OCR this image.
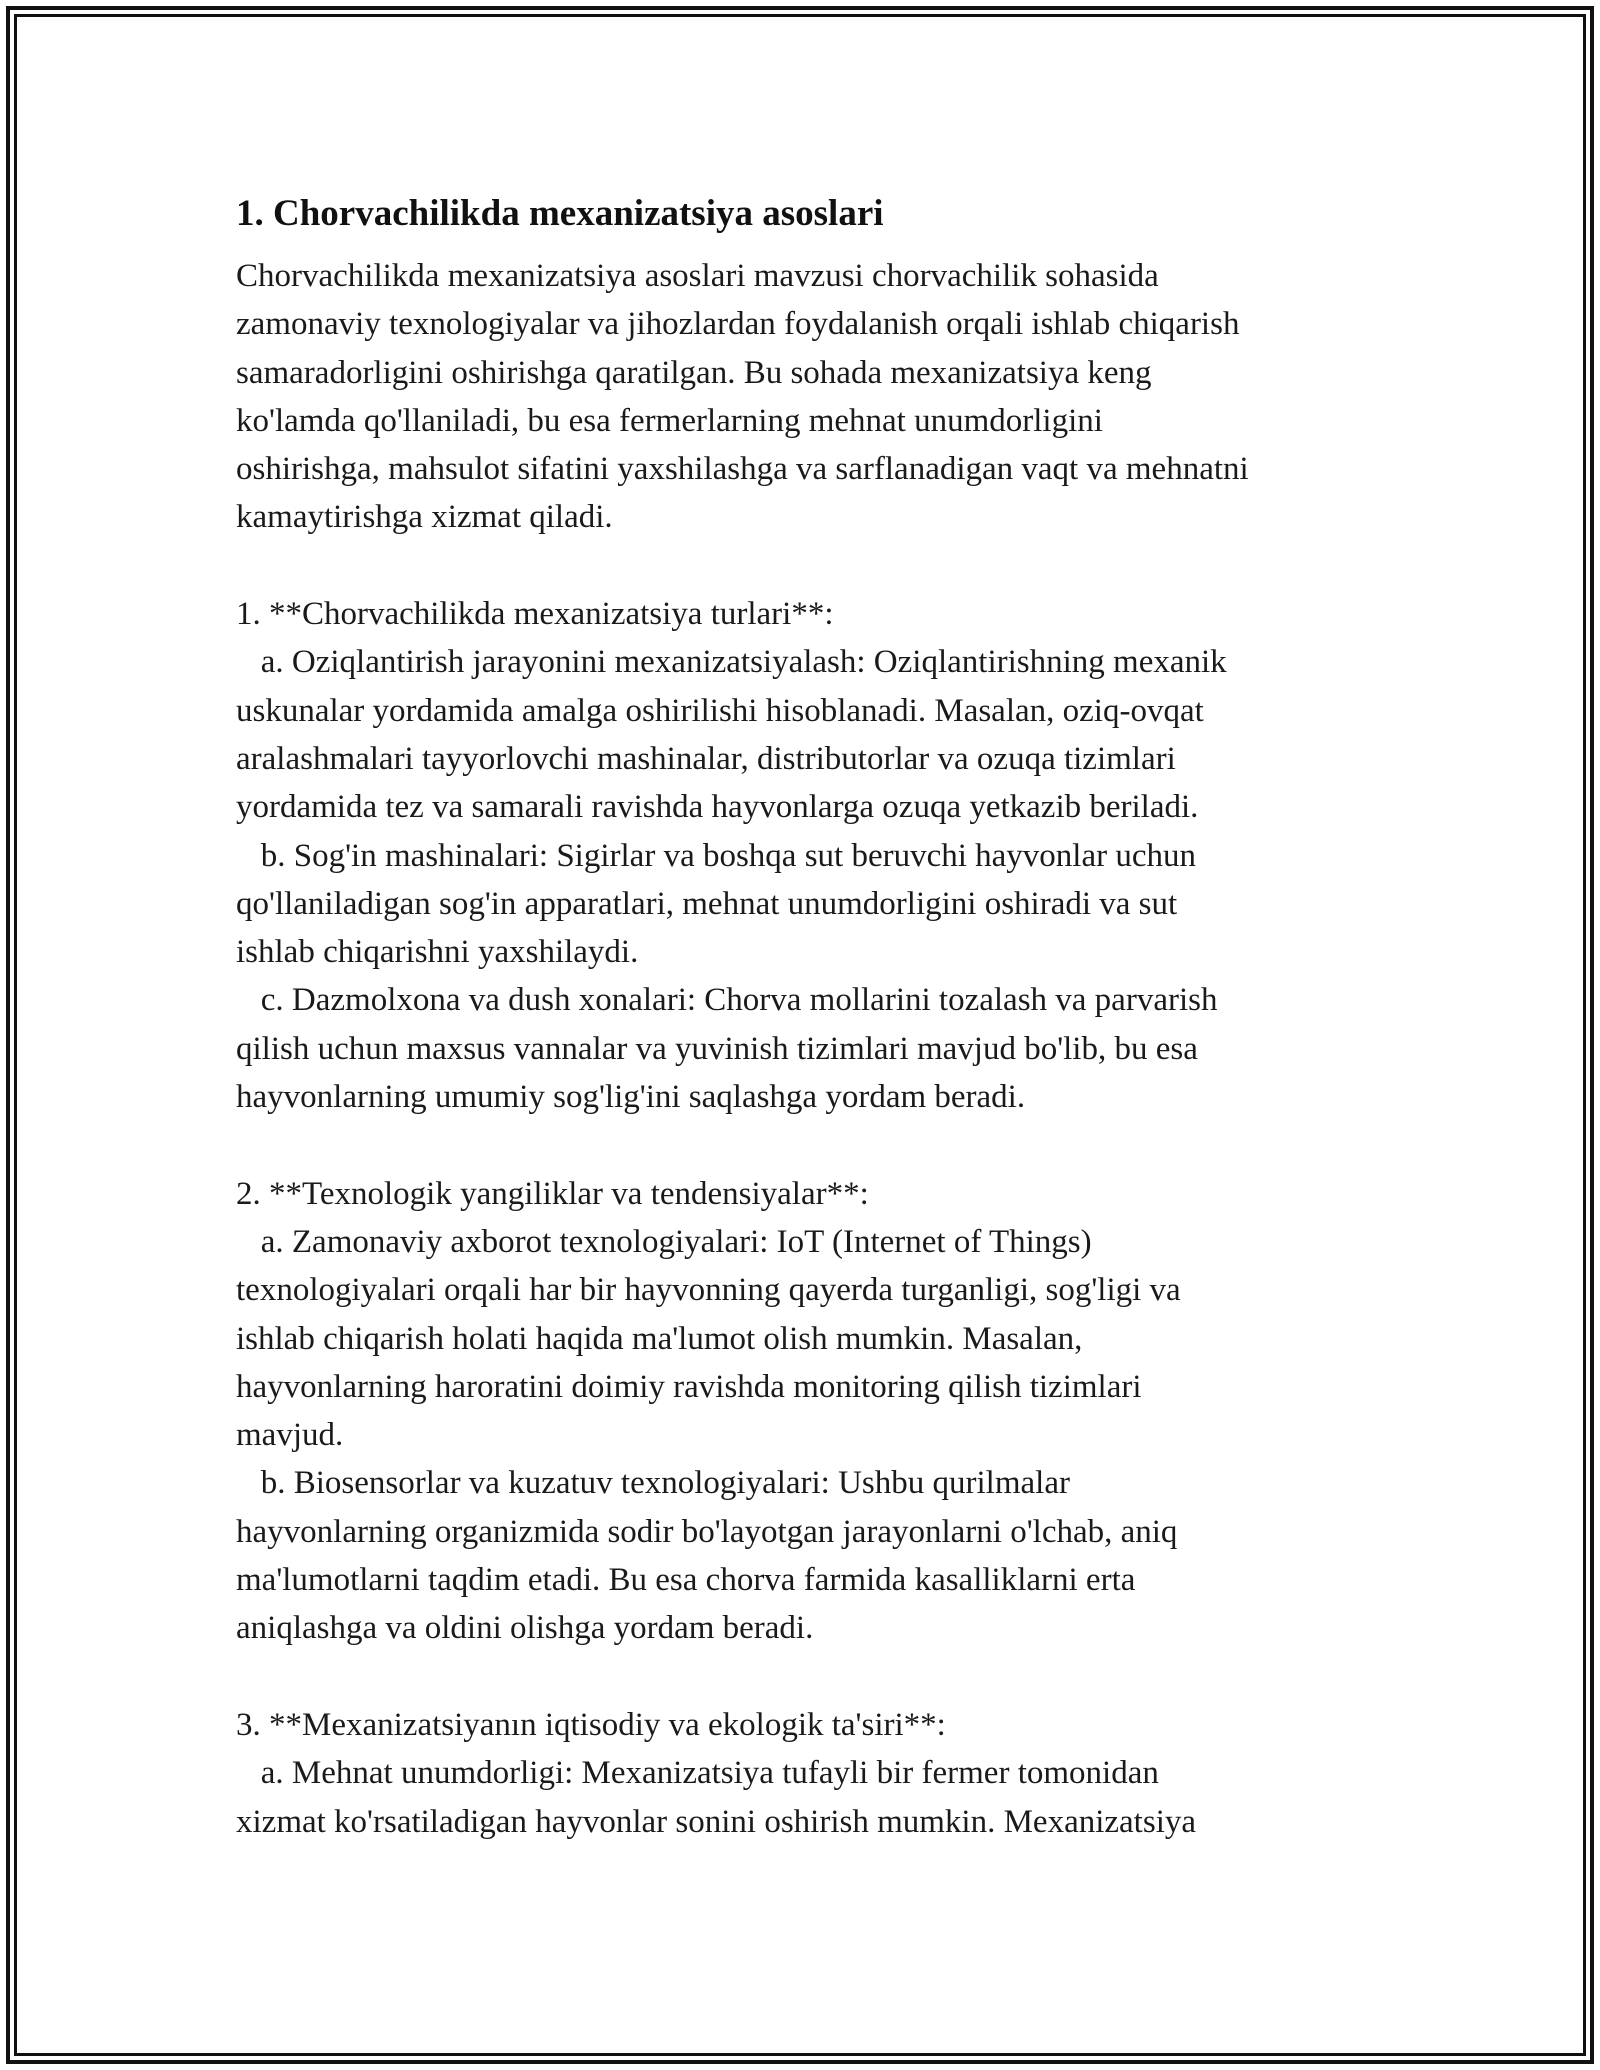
1. Chorvachilikda mexanizatsiya asoslari

Chorvachilikda mexanizatsiya asoslari mavzusi chorvachilik sohasida
zamonaviy texnologiyalar va jihozlardan foydalanish orqali ishlab chiqarish
samaradorligini oshirishga qaratilgan. Bu sohada mexanizatsiya keng
ko'lamda qo'llaniladi, bu esa fermerlarning mehnat unumdorligini
oshirishga, mahsulot sifatini yaxshilashga va sarflanadigan vaqt va mehnatni
kamaytirishga xizmat qiladi.

1. **Chorvachilikda mexanizatsiya turlari**:
a. Oziqlantirish jarayonini mexanizatsiyalash: Oziqlantirishning mexanik
uskunalar yordamida amalga oshirilishi hisoblanadi. Masalan, oziq-ovqat
aralashmalari tayyorlovchi mashinalar, distributorlar va ozuqa tizimlari
yordamida tez va samarali ravishda hayvonlarga ozuqa yetkazib beriladi.
b. Sog'in mashinalari: Sigirlar va boshqa sut beruvchi hayvonlar uchun
qo'llaniladigan sog'in apparatlari, mehnat unumdorligini oshiradi va sut
ishlab chiqarishni yaxshilaydi.
c. Dazmolxona va dush xonalari: Chorva mollarini tozalash va parvarish
qilish uchun maxsus vannalar va yuvinish tizimlari mavjud bo'lib, bu esa
hayvonlarning umumiy sog'lig'ini saqlashga yordam beradi.

2. **Texnologik yangiliklar va tendensiyalar**:
a. Zamonaviy axborot texnologiyalari: IoT (Internet of Things)
texnologiyalari orqali har bir hayvonning qayerda turganligi, sog'ligi va
ishlab chiqarish holati haqida ma'lumot olish mumkin. Masalan,
hayvonlarning haroratini doimiy ravishda monitoring qilish tizimlari
mavjud.
b. Biosensorlar va kuzatuv texnologiyalari: Ushbu qurilmalar
hayvonlarning organizmida sodir bo'layotgan jarayonlarni o'lchab, aniq
ma'lumotlarni taqdim etadi. Bu esa chorva farmida kasalliklarni erta
aniqlashga va oldini olishga yordam beradi.

3. **Mexanizatsiyanın iqtisodiy va ekologik ta'siri**:
a. Mehnat unumdorligi: Mexanizatsiya tufayli bir fermer tomonidan
xizmat ko'rsatiladigan hayvonlar sonini oshirish mumkin. Mexanizatsiya
